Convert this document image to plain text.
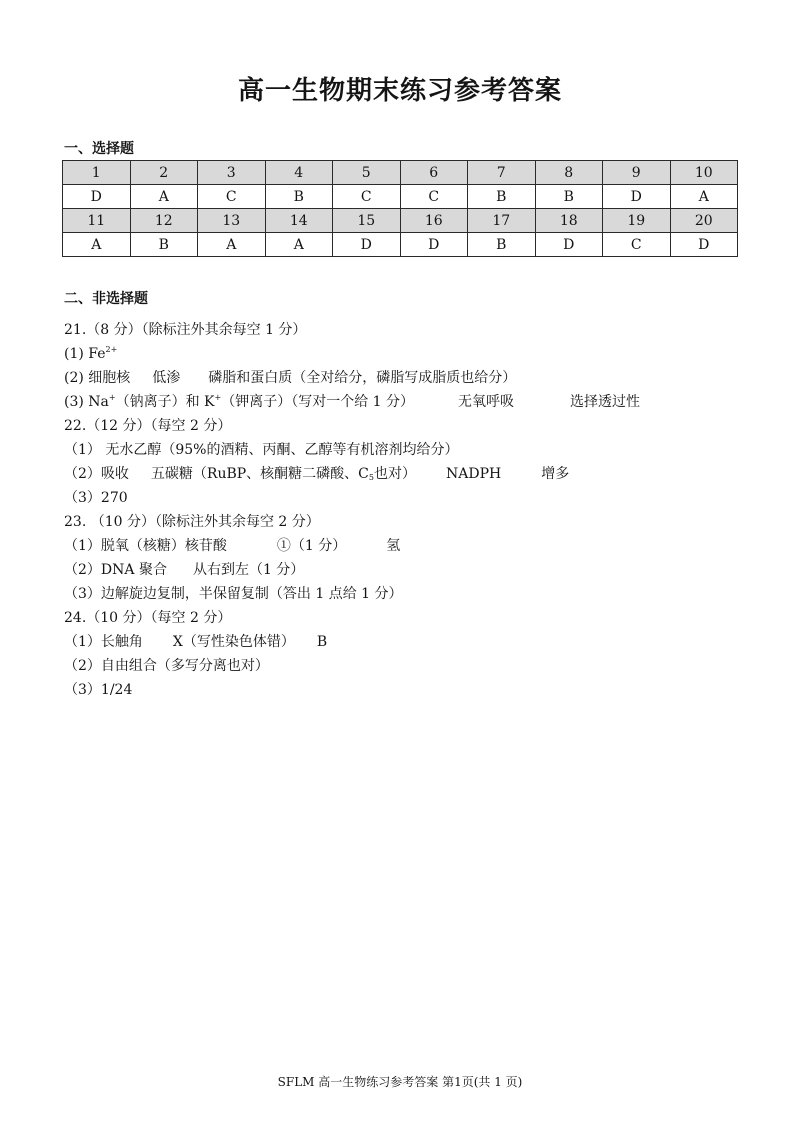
高一生物期末练习参考答案
一、选择题
1	2	3	4	5	6	7	8	9	10
D	A	C	B	C	C	B	B	D	A
11	12	13	14	15	16	17	18	19	20
A	B	A	A	D	D	B	D	C	D
二、非选择题
21.（8 分）（除标注外其余每空 1 分）
(1) $Fe^{2+}$
(2) 细胞核 低渗 磷脂和蛋白质（全对给分，磷脂写成脂质也给分）
(3) Na+（钠离子）和 K+（钾离子）（写对一个给 1 分）	无氧呼吸	选择透过性
22.（12 分）（每空 2 分）
（1） 无水乙醇（95%的酒精、丙酮、乙醇等有机溶剂均给分）
（2）吸收 五碳糖（RuBP、核酮糖二磷酸、$C_5$也对） NADPH	增多
（3）270
23. （10 分）（除标注外其余每空 2 分）
（1）脱氧（核糖）核苷酸	①（1 分）	氢
（2）DNA 聚合 从右到左（1 分）
（3）边解旋边复制，半保留复制（答出 1 点给 1 分）
24.（10 分）（每空 2 分）
（1）长触角 X（写性染色体错） B
（2）自由组合（多写分离也对）
（3）1/24
SFLM 高一生物练习参考答案 第1页(共 1 页)
